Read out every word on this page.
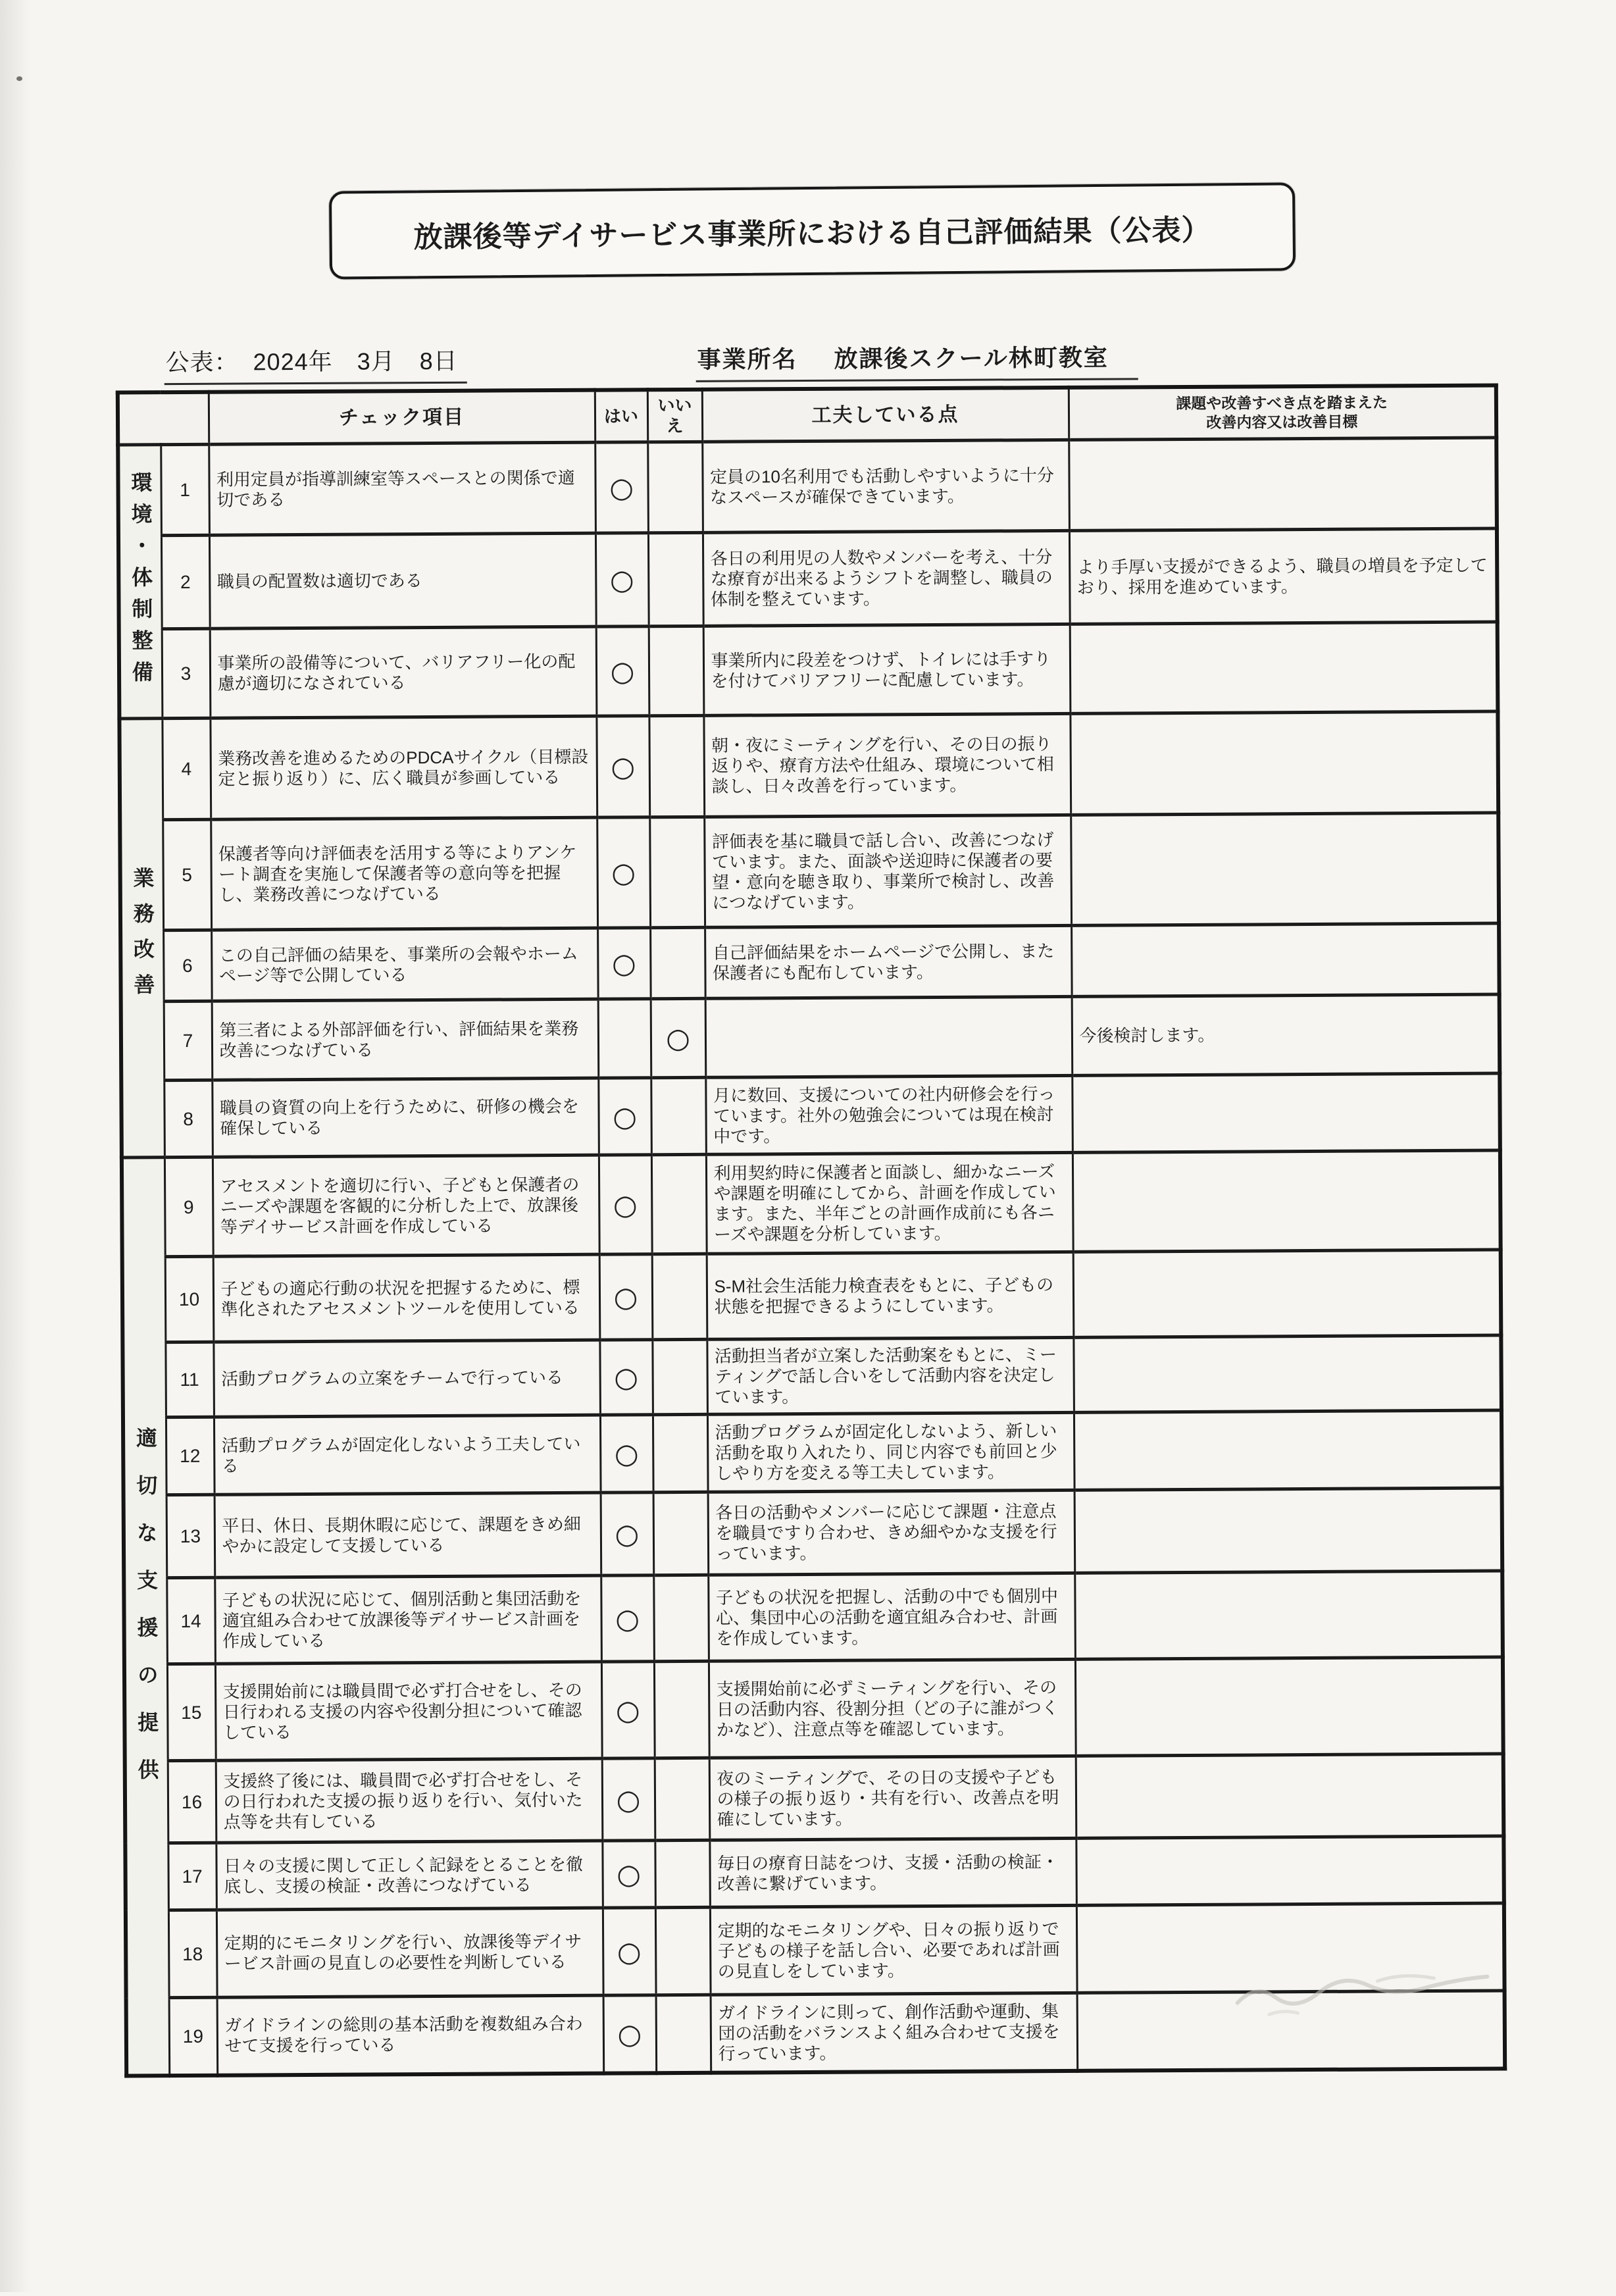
放課後等デイサービス事業所における自己評価結果（公表）
公表： 2024年　3月　8日	事業所名 放課後スクール林町教室
		チェック項目	はい	いいえ	工夫している点	課題や改善すべき点を踏まえた
改善内容又は改善目標

環境・体制整備	1	利用定員が指導訓練室等スペースとの関係で適切である	○		定員の10名利用でも活動しやすいように十分なスペースが確保できています。	
	2	職員の配置数は適切である	○		各日の利用児の人数やメンバーを考え、十分な療育が出来るようシフトを調整し、職員の体制を整えています。	より手厚い支援ができるよう、職員の増員を予定しており、採用を進めています。
	3	事業所の設備等について、バリアフリー化の配慮が適切になされている	○		事業所内に段差をつけず、トイレには手すりを付けてバリアフリーに配慮しています。	
業務改善	4	業務改善を進めるためのPDCAサイクル（目標設定と振り返り）に、広く職員が参画している	○		朝・夜にミーティングを行い、その日の振り返りや、療育方法や仕組み、環境について相談し、日々改善を行っています。	
	5	保護者等向け評価表を活用する等によりアンケート調査を実施して保護者等の意向等を把握し、業務改善につなげている	○		評価表を基に職員で話し合い、改善につなげています。また、面談や送迎時に保護者の要望・意向を聴き取り、事業所で検討し、改善につなげています。	
	6	この自己評価の結果を、事業所の会報やホームページ等で公開している	○		自己評価結果をホームページで公開し、また保護者にも配布しています。	
	7	第三者による外部評価を行い、評価結果を業務改善につなげている		○		今後検討します。
	8	職員の資質の向上を行うために、研修の機会を確保している	○		月に数回、支援についての社内研修会を行っています。社外の勉強会については現在検討中です。	
適切な支援の提供	9	アセスメントを適切に行い、子どもと保護者のニーズや課題を客観的に分析した上で、放課後等デイサービス計画を作成している	○		利用契約時に保護者と面談し、細かなニーズや課題を明確にしてから、計画を作成しています。また、半年ごとの計画作成前にも各ニーズや課題を分析しています。	
	10	子どもの適応行動の状況を把握するために、標準化されたアセスメントツールを使用している	○		S-M社会生活能力検査表をもとに、子どもの状態を把握できるようにしています。	
	11	活動プログラムの立案をチームで行っている	○		活動担当者が立案した活動案をもとに、ミーティングで話し合いをして活動内容を決定しています。	
	12	活動プログラムが固定化しないよう工夫している	○		活動プログラムが固定化しないよう、新しい活動を取り入れたり、同じ内容でも前回と少しやり方を変える等工夫しています。	
	13	平日、休日、長期休暇に応じて、課題をきめ細やかに設定して支援している	○		各日の活動やメンバーに応じて課題・注意点を職員ですり合わせ、きめ細やかな支援を行っています。	
	14	子どもの状況に応じて、個別活動と集団活動を適宜組み合わせて放課後等デイサービス計画を作成している	○		子どもの状況を把握し、活動の中でも個別中心、集団中心の活動を適宜組み合わせ、計画を作成しています。	
	15	支援開始前には職員間で必ず打合せをし、その日行われる支援の内容や役割分担について確認している	○		支援開始前に必ずミーティングを行い、その日の活動内容、役割分担（どの子に誰がつくかなど）、注意点等を確認しています。	
	16	支援終了後には、職員間で必ず打合せをし、その日行われた支援の振り返りを行い、気付いた点等を共有している	○		夜のミーティングで、その日の支援や子どもの様子の振り返り・共有を行い、改善点を明確にしています。	
	17	日々の支援に関して正しく記録をとることを徹底し、支援の検証・改善につなげている	○		毎日の療育日誌をつけ、支援・活動の検証・改善に繋げています。	
	18	定期的にモニタリングを行い、放課後等デイサービス計画の見直しの必要性を判断している	○		定期的なモニタリングや、日々の振り返りで子どもの様子を話し合い、必要であれば計画の見直しをしています。	
	19	ガイドラインの総則の基本活動を複数組み合わせて支援を行っている	○		ガイドラインに則って、創作活動や運動、集団の活動をバランスよく組み合わせて支援を行っています。	
